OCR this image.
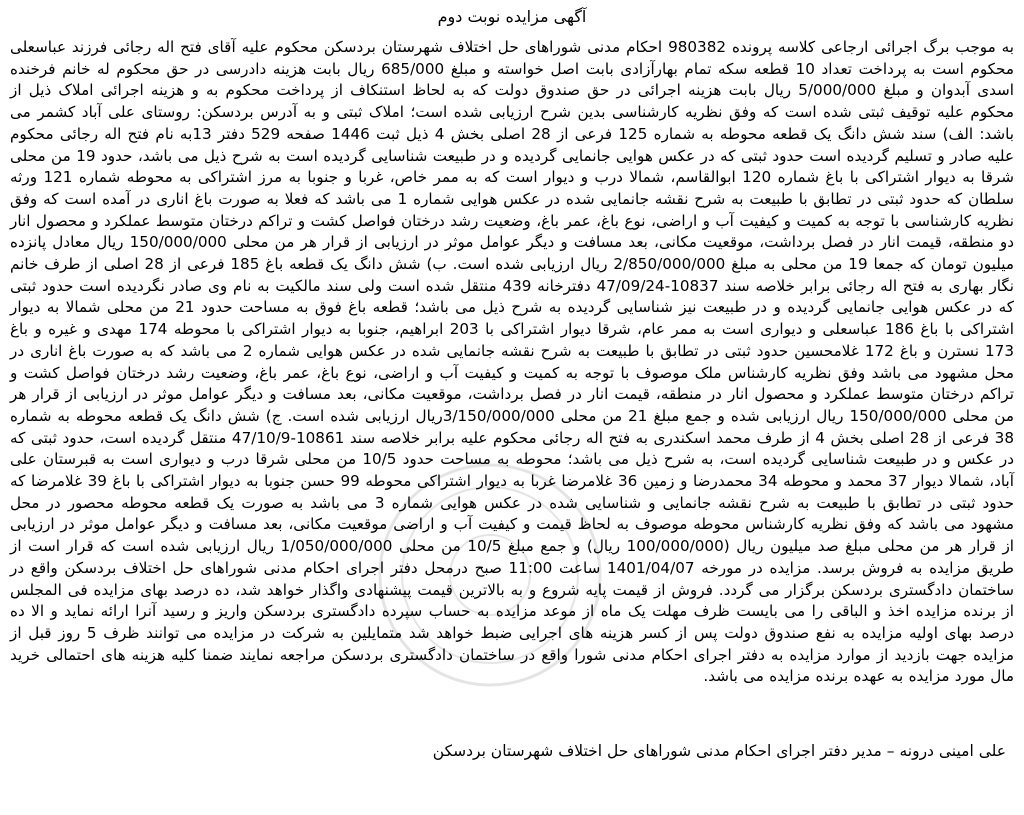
آگهی مزایده نوبت دوم
به موجب برگ اجرائی ارجاعی کلاسه پرونده 980382 احکام مدنی شوراهای حل اختلاف شهرستان بردسکن محکوم علیه آقای فتح اله رجائی فرزند عباسعلی محکوم است به پرداخت تعداد 10 قطعه سکه تمام بهارآزادی بابت اصل خواسته و مبلغ 685/000 ریال بابت هزینه دادرسی در حق محکوم له خانم فرخنده اسدی آبدوان و مبلغ 5/000/000 ریال بابت هزینه اجرائی در حق صندوق دولت که به لحاظ استنکاف از پرداخت محکوم به و هزینه اجرائی املاک ذیل از محکوم علیه توقیف ثبتی شده است که وفق نظریه کارشناسی بدین شرح ارزیابی شده است؛ املاک ثبتی و به آدرس بردسکن: روستای علی آباد کشمر می باشد: الف) سند شش دانگ یک قطعه محوطه به شماره 125 فرعی از 28 اصلی بخش 4 ذیل ثبت 1446 صفحه 529 دفتر 13به نام فتح اله رجائی محکوم علیه صادر و تسلیم گردیده است حدود ثبتی که در عکس هوایی جانمایی گردیده و در طبیعت شناسایی گردیده است به شرح ذیل می باشد، حدود 19 من محلی شرقا به دیوار اشتراکی با باغ شماره 120 ابوالقاسم، شمالا درب و دیوار است که به ممر خاص، غربا و جنوبا به مرز اشتراکی به محوطه شماره 121 ورثه سلطان که حدود ثبتی در تطابق با طبیعت به شرح نقشه جانمایی شده در عکس هوایی شماره 1 می باشد که فعلا به صورت باغ اناری در آمده است که وفق نظریه کارشناسی با توجه به کمیت و کیفیت آب و اراضی، نوع باغ، عمر باغ، وضعیت رشد درختان فواصل کشت و تراکم درختان متوسط عملکرد و محصول انار دو منطقه، قیمت انار در فصل برداشت، موقعیت مکانی، بعد مسافت و دیگر عوامل موثر در ارزیابی از قرار هر من محلی 150/000/000 ریال معادل پانزده میلیون تومان که جمعا 19 من محلی به مبلغ 2/850/000/000 ریال ارزیابی شده است. ب) شش دانگ یک قطعه باغ 185 فرعی از 28 اصلی از طرف خانم نگار بهاری به فتح اله رجائی برابر خلاصه سند 10837-47/09/24 دفترخانه 439 منتقل شده است ولی سند مالکیت به نام وی صادر نگردیده است حدود ثبتی که در عکس هوایی جانمایی گردیده و در طبیعت نیز شناسایی گردیده به شرح ذیل می باشد؛ قطعه باغ فوق به مساحت حدود 21 من محلی شمالا به دیوار اشتراکی با باغ 186 عباسعلی و دیواری است به ممر عام، شرقا دیوار اشتراکی با 203 ابراهیم، جنوبا به دیوار اشتراکی با محوطه 174 مهدی و غیره و باغ 173 نسترن و باغ 172 غلامحسین حدود ثبتی در تطابق با طبیعت به شرح نقشه جانمایی شده در عکس هوایی شماره 2 می باشد که به صورت باغ اناری در محل مشهود می باشد وفق نظریه کارشناس ملک موصوف با توجه به کمیت و کیفیت آب و اراضی، نوع باغ، عمر باغ، وضعیت رشد درختان فواصل کشت و تراکم درختان متوسط عملکرد و محصول انار در منطقه، قیمت انار در فصل برداشت، موقعیت مکانی، بعد مسافت و دیگر عوامل موثر در ارزیابی از قرار هر من محلی 150/000/000 ریال ارزیابی شده و جمع مبلغ 21 من محلی 3/150/000/000ریال ارزیابی شده است. ج) شش دانگ یک قطعه محوطه به شماره 38 فرعی از 28 اصلی بخش 4 از طرف محمد اسکندری به فتح اله رجائی محکوم علیه برابر خلاصه سند 10861-47/10/9 منتقل گردیده است، حدود ثبتی که در عکس و در طبیعت شناسایی گردیده است، به شرح ذیل می باشد؛ محوطه به مساحت حدود 10/5 من محلی شرقا درب و دیواری است به قبرستان علی آباد، شمالا دیوار 37 محمد و محوطه 34 محمدرضا و زمین 36 غلامرضا غربا به دیوار اشتراکی محوطه 99 حسن جنوبا به دیوار اشتراکی با باغ 39 غلامرضا که حدود ثبتی در تطابق با طبیعت به شرح نقشه جانمایی و شناسایی شده در عکس هوایی شماره 3 می باشد به صورت یک قطعه محوطه محصور در محل مشهود می باشد که وفق نظریه کارشناس محوطه موصوف به لحاظ قیمت و کیفیت آب و اراضی موقعیت مکانی، بعد مسافت و دیگر عوامل موثر در ارزیابی از قرار هر من محلی مبلغ صد میلیون ریال (100/000/000 ریال) و جمع مبلغ 10/5 من محلی 1/050/000/000 ریال ارزیابی شده است که قرار است از طریق مزایده به فروش برسد. مزایده در مورخه 1401/04/07 ساعت 11:00 صبح درمحل دفتر اجرای احکام مدنی شوراهای حل اختلاف بردسکن واقع در ساختمان دادگستری بردسکن برگزار می گردد. فروش از قیمت پایه شروع و به بالاترین قیمت پیشنهادی واگذار خواهد شد، ده درصد بهای مزایده فی المجلس از برنده مزایده اخذ و الباقی را می بایست ظرف مهلت یک ماه از موعد مزایده به حساب سپرده دادگستری بردسکن واریز و رسید آنرا ارائه نماید و الا ده درصد بهای اولیه مزایده به نفع صندوق دولت پس از کسر هزینه های اجرایی ضبط خواهد شد متمایلین به شرکت در مزایده می توانند ظرف 5 روز قبل از مزایده جهت بازدید از موارد مزایده به دفتر اجرای احکام مدنی شورا واقع در ساختمان دادگستری بردسکن مراجعه نمایند ضمنا کلیه هزینه های احتمالی خرید مال مورد مزایده به عهده برنده مزایده می باشد.
علی امینی درونه – مدیر دفتر اجرای احکام مدنی شوراهای حل اختلاف شهرستان بردسکن
